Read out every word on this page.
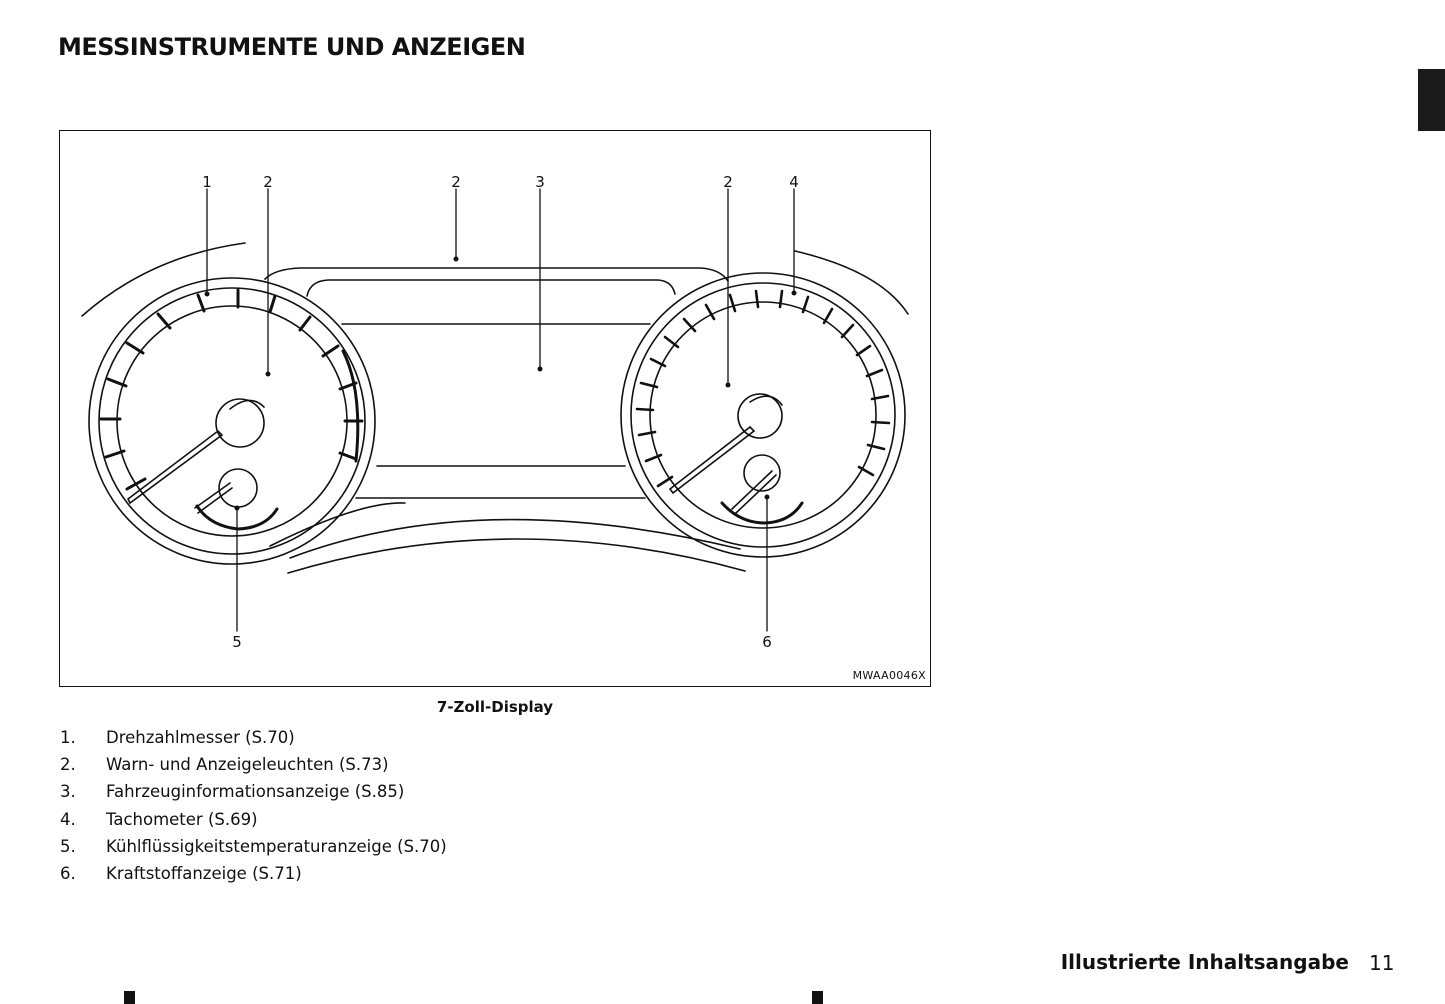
MESSINSTRUMENTE UND ANZEIGEN
1	2	2	3	2	4
5	6
MWAA0046X
7-Zoll-Display
1. Drehzahlmesser (S.70)
2. Warn- und Anzeigeleuchten (S.73)
3. Fahrzeuginformationsanzeige (S.85)
4. Tachometer (S.69)
5. Kühlflüssigkeitstemperaturanzeige (S.70)
6. Kraftstoffanzeige (S.71)
Illustrierte Inhaltsangabe 11
